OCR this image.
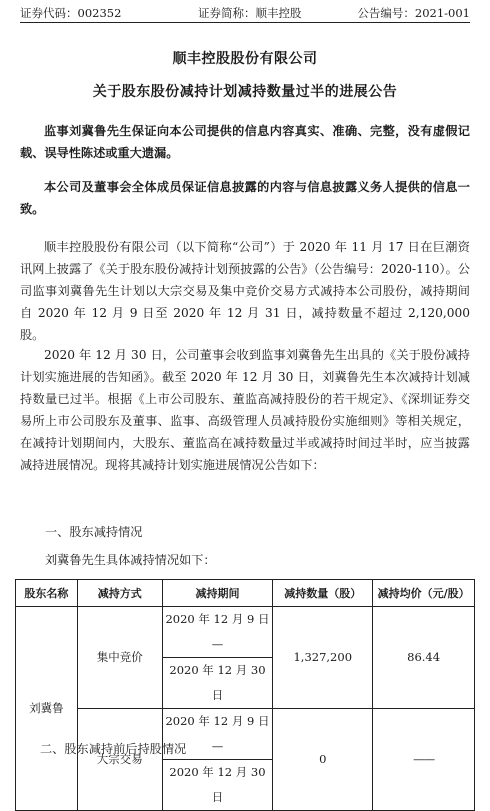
证券代码：002352	证券简称：顺丰控股	公告编号：2021-001
顺丰控股股份有限公司
关于股东股份减持计划减持数量过半的进展公告

监事刘冀鲁先生保证向本公司提供的信息内容真实、准确、完整，没有虚假记载、误导性陈述或重大遗漏。

本公司及董事会全体成员保证信息披露的内容与信息披露义务人提供的信息一致。

顺丰控股股份有限公司（以下简称“公司”）于 2020 年 11 月 17 日在巨潮资讯网上披露了《关于股东股份减持计划预披露的公告》（公告编号：2020-110）。公司监事刘冀鲁先生计划以大宗交易及集中竞价交易方式减持本公司股份，减持期间自 2020 年 12 月 9 日至 2020 年 12 月 31 日，减持数量不超过 2,120,000 股。

2020 年 12 月 30 日，公司董事会收到监事刘冀鲁先生出具的《关于股份减持计划实施进展的告知函》。截至 2020 年 12 月 30 日，刘冀鲁先生本次减持计划减持数量已过半。根据《上市公司股东、董监高减持股份的若干规定》、《深圳证券交易所上市公司股东及董事、监事、高级管理人员减持股份实施细则》等相关规定，在减持计划期间内，大股东、董监高在减持数量过半或减持时间过半时，应当披露减持进展情况。现将其减持计划实施进展情况公告如下：

一、股东减持情况
刘冀鲁先生具体减持情况如下：
股东名称	减持方式	减持期间	减持数量（股）	减持均价（元/股）
刘冀鲁	集中竞价	2020 年 12 月 9 日—	1,327,200	86.44
		2020 年 12 月 30 日		
	大宗交易	2020 年 12 月 9 日—	0	——
		2020 年 12 月 30 日		
二、股东减持前后持股情况
